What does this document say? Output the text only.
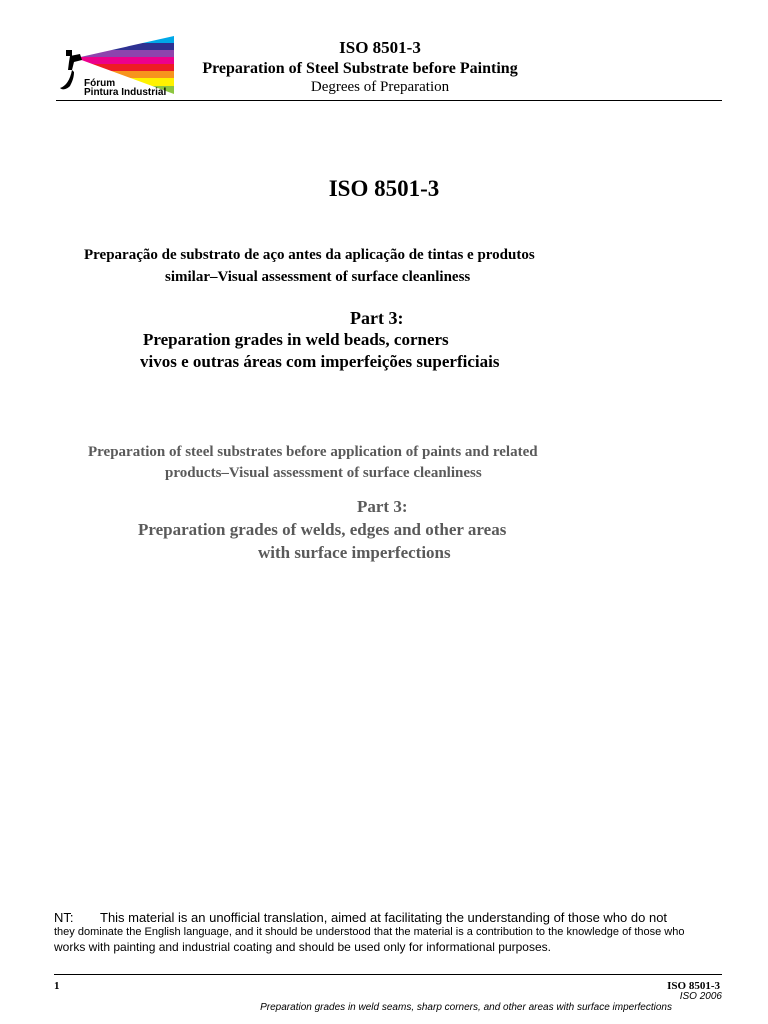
Fórum
Pintura Industrial
ISO 8501-3
Preparation of Steel Substrate before Painting
Degrees of Preparation
ISO 8501-3
Preparação de substrato de aço antes da aplicação de tintas e produtos
similar–Visual assessment of surface cleanliness
Part 3:
Preparation grades in weld beads, corners
vivos e outras áreas com imperfeições superficiais
Preparation of steel substrates before application of paints and related
products–Visual assessment of surface cleanliness
Part 3:
Preparation grades of welds, edges and other areas
with surface imperfections
NT: This material is an unofficial translation, aimed at facilitating the understanding of those who do not
they dominate the English language, and it should be understood that the material is a contribution to the knowledge of those who
works with painting and industrial coating and should be used only for informational purposes.
1	ISO 8501-3
ISO 2006
Preparation grades in weld seams, sharp corners, and other areas with surface imperfections
